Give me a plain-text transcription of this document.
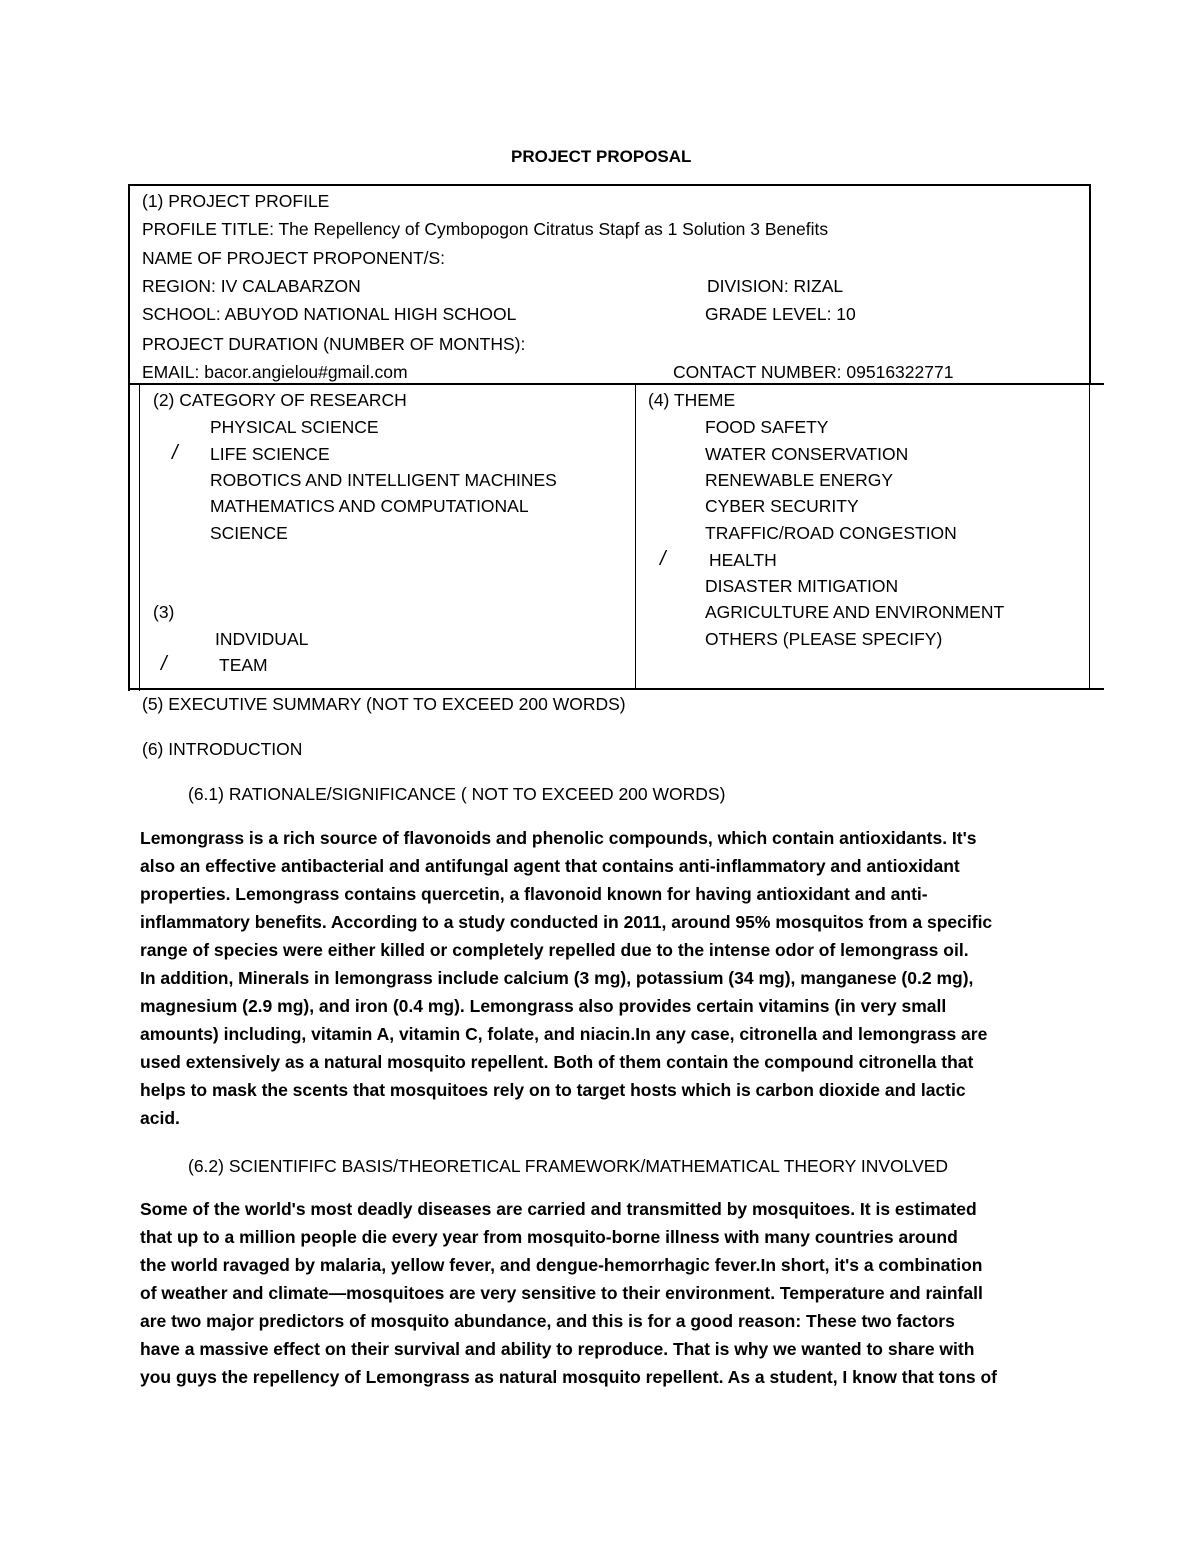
PROJECT PROPOSAL
(1) PROJECT PROFILE
PROFILE TITLE: The Repellency of Cymbopogon Citratus Stapf as 1 Solution 3 Benefits
NAME OF PROJECT PROPONENT/S:
REGION: IV CALABARZON	DIVISION: RIZAL
SCHOOL: ABUYOD NATIONAL HIGH SCHOOL	GRADE LEVEL: 10
PROJECT DURATION (NUMBER OF MONTHS):
EMAIL: bacor.angielou#gmail.com	CONTACT NUMBER: 09516322771
(2) CATEGORY OF RESEARCH
PHYSICAL SCIENCE
/ LIFE SCIENCE
ROBOTICS AND INTELLIGENT MACHINES
MATHEMATICS AND COMPUTATIONAL
SCIENCE
(3)
INDVIDUAL
/	TEAM
(4) THEME
FOOD SAFETY
WATER CONSERVATION
RENEWABLE ENERGY
CYBER SECURITY
TRAFFIC/ROAD CONGESTION
/ HEALTH
DISASTER MITIGATION
AGRICULTURE AND ENVIRONMENT
OTHERS (PLEASE SPECIFY)
(5) EXECUTIVE SUMMARY (NOT TO EXCEED 200 WORDS)
(6) INTRODUCTION
(6.1) RATIONALE/SIGNIFICANCE ( NOT TO EXCEED 200 WORDS)
Lemongrass is a rich source of flavonoids and phenolic compounds, which contain antioxidants. It's
also an effective antibacterial and antifungal agent that contains anti-inflammatory and antioxidant
properties. Lemongrass contains quercetin, a flavonoid known for having antioxidant and anti-
inflammatory benefits. According to a study conducted in 2011, around 95% mosquitos from a specific
range of species were either killed or completely repelled due to the intense odor of lemongrass oil.
In addition, Minerals in lemongrass include calcium (3 mg), potassium (34 mg), manganese (0.2 mg),
magnesium (2.9 mg), and iron (0.4 mg). Lemongrass also provides certain vitamins (in very small
amounts) including, vitamin A, vitamin C, folate, and niacin.In any case, citronella and lemongrass are
used extensively as a natural mosquito repellent. Both of them contain the compound citronella that
helps to mask the scents that mosquitoes rely on to target hosts which is carbon dioxide and lactic
acid.
(6.2) SCIENTIFIFC BASIS/THEORETICAL FRAMEWORK/MATHEMATICAL THEORY INVOLVED
Some of the world's most deadly diseases are carried and transmitted by mosquitoes. It is estimated
that up to a million people die every year from mosquito-borne illness with many countries around
the world ravaged by malaria, yellow fever, and dengue-hemorrhagic fever.In short, it's a combination
of weather and climate—mosquitoes are very sensitive to their environment. Temperature and rainfall
are two major predictors of mosquito abundance, and this is for a good reason: These two factors
have a massive effect on their survival and ability to reproduce. That is why we wanted to share with
you guys the repellency of Lemongrass as natural mosquito repellent. As a student, I know that tons of
